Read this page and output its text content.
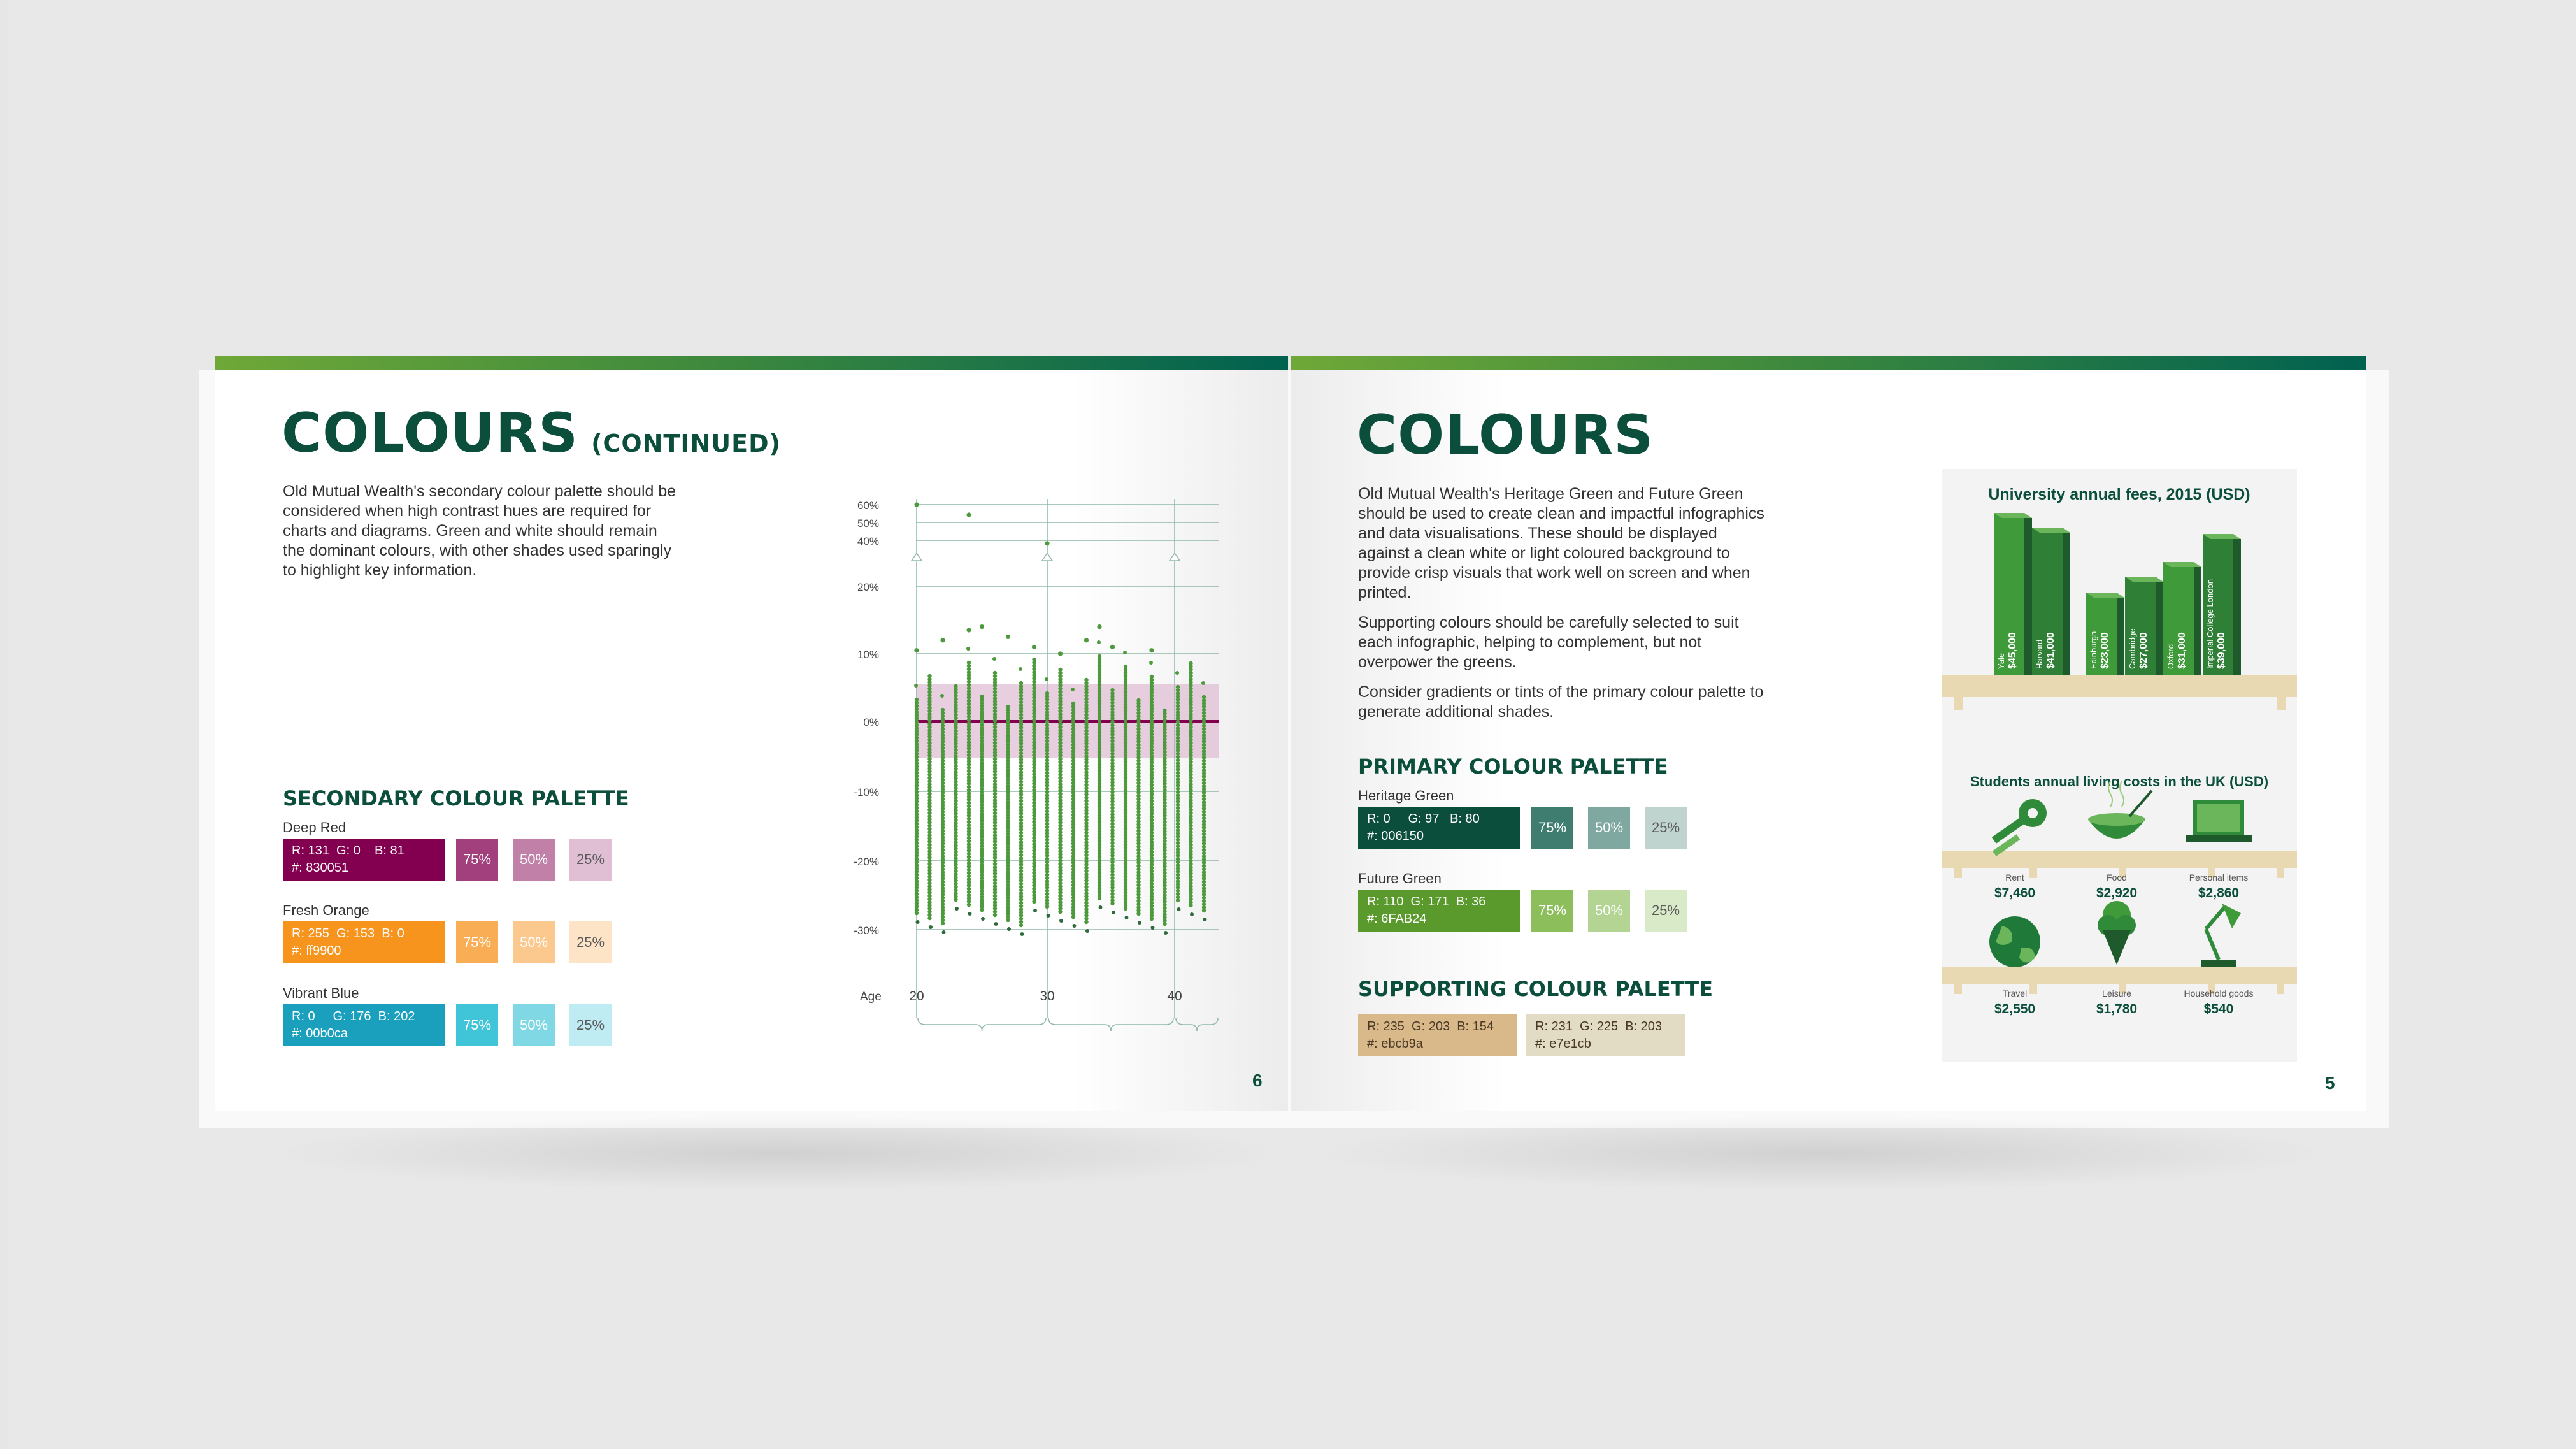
COLOURS (CONTINUED)
Old Mutual Wealth's secondary colour palette should be considered when high contrast hues are required for charts and diagrams. Green and white should remain the dominant colours, with other shades used sparingly to highlight key information.
SECONDARY COLOUR PALETTE
Deep Red
R: 131  G: 0    B: 81
#: 830051
75%	50%	25%
Fresh Orange
R: 255  G: 153  B: 0
#: ff9900
75%	50%	25%
Vibrant Blue
R: 0     G: 176  B: 202
#: 00b0ca
75%	50%	25%
60%
50%
40%
20%
10%
0%
-10%
-20%
-30%
Age 20	30	40
6
COLOURS

Old Mutual Wealth's Heritage Green and Future Green should be used to create clean and impactful infographics and data visualisations. These should be displayed against a clean white or light coloured background to provide crisp visuals that work well on screen and when printed.

Supporting colours should be carefully selected to suit each infographic, helping to complement, but not overpower the greens.

Consider gradients or tints of the primary colour palette to generate additional shades.

PRIMARY COLOUR PALETTE
Heritage Green
R: 0     G: 97   B: 80
#: 006150
75%	50%	25%
Future Green
R: 110  G: 171  B: 36
#: 6FAB24
75%	50%	25%
SUPPORTING COLOUR PALETTE
R: 235  G: 203  B: 154
#: ebcb9a
R: 231  G: 225  B: 203
#: e7e1cb
University annual fees, 2015 (USD)
Yale $45,000 Harvard $41,000	Edinburgh $23,000 Cambridge $27,000 Oxford $31,000 Imperial College London $39,000
Students annual living costs in the UK (USD)
Rent
$7,460
Food
$2,920
Personal items
$2,860
Travel
$2,550
Leisure
$1,780
Household goods
$540
5
